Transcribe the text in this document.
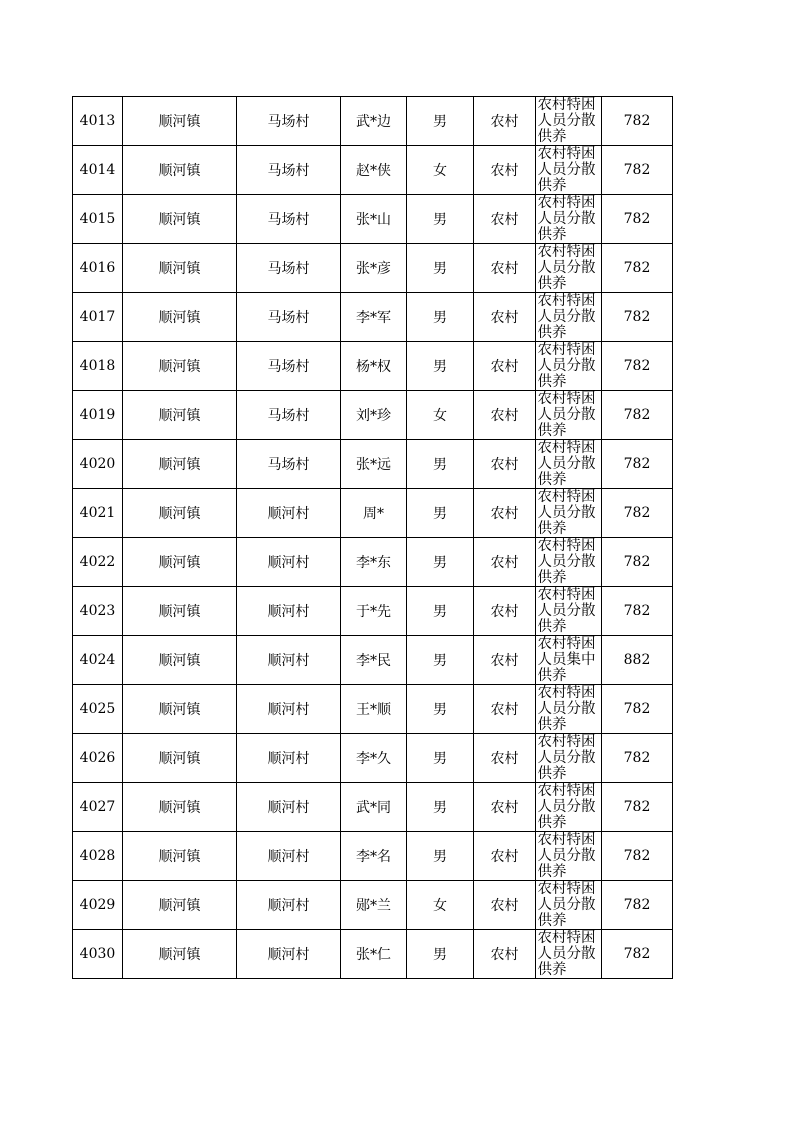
4013	顺河镇	马场村	武*边	男	农村	农村特困人员分散供养	782
4014	顺河镇	马场村	赵*侠	女	农村	农村特困人员分散供养	782
4015	顺河镇	马场村	张*山	男	农村	农村特困人员分散供养	782
4016	顺河镇	马场村	张*彦	男	农村	农村特困人员分散供养	782
4017	顺河镇	马场村	李*军	男	农村	农村特困人员分散供养	782
4018	顺河镇	马场村	杨*权	男	农村	农村特困人员分散供养	782
4019	顺河镇	马场村	刘*珍	女	农村	农村特困人员分散供养	782
4020	顺河镇	马场村	张*远	男	农村	农村特困人员分散供养	782
4021	顺河镇	顺河村	周*	男	农村	农村特困人员分散供养	782
4022	顺河镇	顺河村	李*东	男	农村	农村特困人员分散供养	782
4023	顺河镇	顺河村	于*先	男	农村	农村特困人员分散供养	782
4024	顺河镇	顺河村	李*民	男	农村	农村特困人员集中供养	882
4025	顺河镇	顺河村	王*顺	男	农村	农村特困人员分散供养	782
4026	顺河镇	顺河村	李*久	男	农村	农村特困人员分散供养	782
4027	顺河镇	顺河村	武*同	男	农村	农村特困人员分散供养	782
4028	顺河镇	顺河村	李*名	男	农村	农村特困人员分散供养	782
4029	顺河镇	顺河村	郧*兰	女	农村	农村特困人员分散供养	782
4030	顺河镇	顺河村	张*仁	男	农村	农村特困人员分散供养	782
